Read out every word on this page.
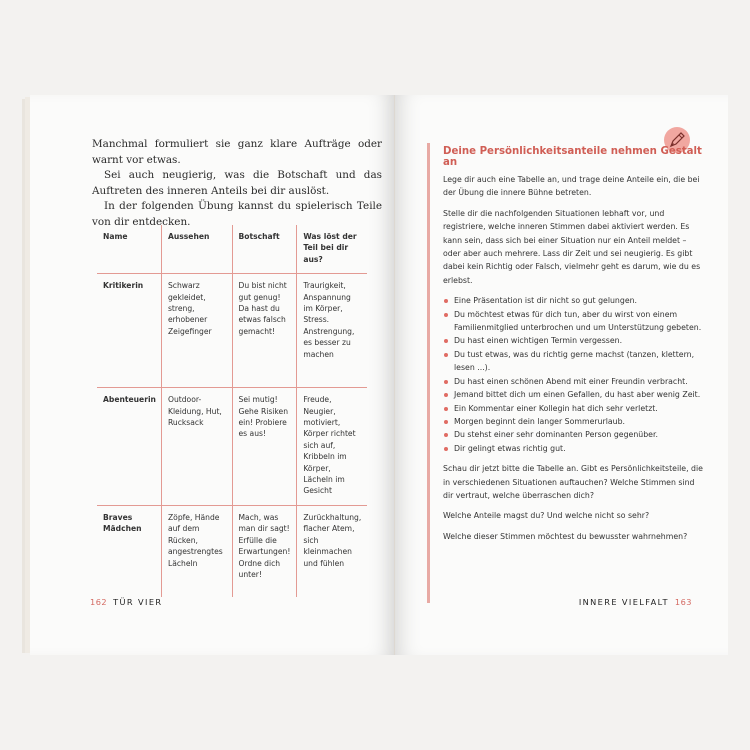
Manchmal formuliert sie ganz klare Aufträge oder warnt vor etwas.

Sei auch neugierig, was die Botschaft und das Auftreten des inneren Anteils bei dir auslöst.

In der folgenden Übung kannst du spielerisch Teile von dir entdecken.

Name	Aussehen	Botschaft	Was löst der Teil bei dir aus?
Kritikerin	Schwarz gekleidet, streng, erhobener Zeigefinger	Du bist nicht gut genug! Da hast du etwas falsch gemacht!	Traurigkeit, Anspannung im Körper, Stress. Anstrengung, es besser zu machen
Abenteuerin	Outdoor-Kleidung, Hut, Rucksack	Sei mutig! Gehe Risiken ein! Probiere es aus!	Freude, Neugier, motiviert, Körper richtet sich auf, Kribbeln im Körper, Lächeln im Gesicht
Braves Mädchen	Zöpfe, Hände auf dem Rücken, angestrengtes Lächeln	Mach, was man dir sagt! Erfülle die Erwartungen! Ordne dich unter!	Zurückhaltung, flacher Atem, sich kleinmachen und fühlen
162 TÜR VIER
Deine Persönlichkeitsanteile nehmen Gestalt an

Lege dir auch eine Tabelle an, und trage deine Anteile ein, die bei der Übung die innere Bühne betreten.

Stelle dir die nachfolgenden Situationen lebhaft vor, und registriere, welche inneren Stimmen dabei aktiviert werden. Es kann sein, dass sich bei einer Situation nur ein Anteil meldet – oder aber auch mehrere. Lass dir Zeit und sei neugierig. Es gibt dabei kein Richtig oder Falsch, vielmehr geht es darum, wie du es erlebst.

Eine Präsentation ist dir nicht so gut gelungen.
Du möchtest etwas für dich tun, aber du wirst von einem Familienmitglied unterbrochen und um Unterstützung gebeten.
Du hast einen wichtigen Termin vergessen.
Du tust etwas, was du richtig gerne machst (tanzen, klettern, lesen ...).
Du hast einen schönen Abend mit einer Freundin verbracht.
Jemand bittet dich um einen Gefallen, du hast aber wenig Zeit.
Ein Kommentar einer Kollegin hat dich sehr verletzt.
Morgen beginnt dein langer Sommerurlaub.
Du stehst einer sehr dominanten Person gegenüber.
Dir gelingt etwas richtig gut.

Schau dir jetzt bitte die Tabelle an. Gibt es Persönlichkeitsteile, die in verschiedenen Situationen auftauchen? Welche Stimmen sind dir vertraut, welche überraschen dich?

Welche Anteile magst du? Und welche nicht so sehr?

Welche dieser Stimmen möchtest du bewusster wahrnehmen?

INNERE VIELFALT 163
